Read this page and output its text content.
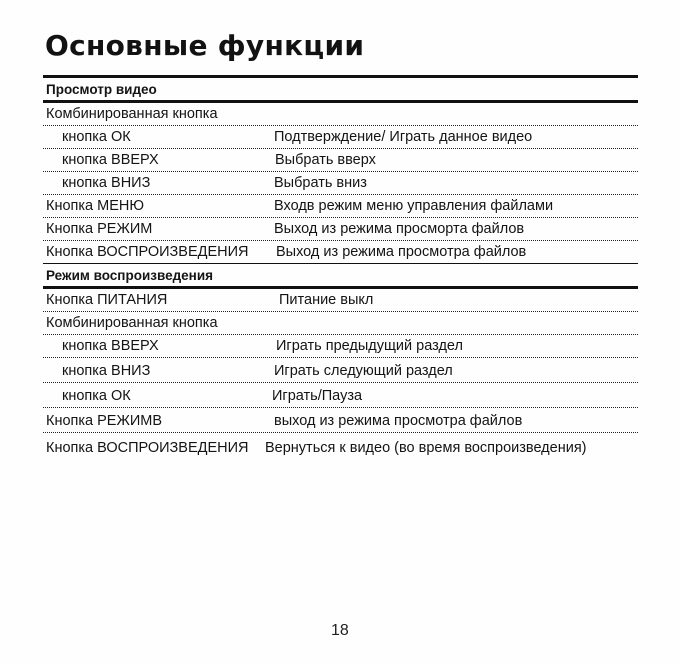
Основные функции
Просмотр видео
Комбинированная кнопка
кнопка ОК	Подтверждение/ Играть данное видео
кнопка ВВЕРХ	Выбрать вверх
кнопка ВНИЗ	Выбрать вниз
Кнопка МЕНЮ	Входв режим меню управления файлами
Кнопка РЕЖИМ	Выход из режима просморта файлов
Кнопка ВОСПРОИЗВЕДЕНИЯ Выход из режима просмотра файлов
Режим воспроизведения
Кнопка ПИТАНИЯ	Питание выкл
Комбинированная кнопка
кнопка ВВЕРХ	Играть предыдущий раздел
кнопка ВНИЗ	Играть следующий раздел
кнопка ОК	Играть/Пауза
Кнопка РЕЖИМВ	выход из режима просмотра файлов
Кнопка ВОСПРОИЗВЕДЕНИЯ Вернуться к видео (во время воспроизведения)
18
